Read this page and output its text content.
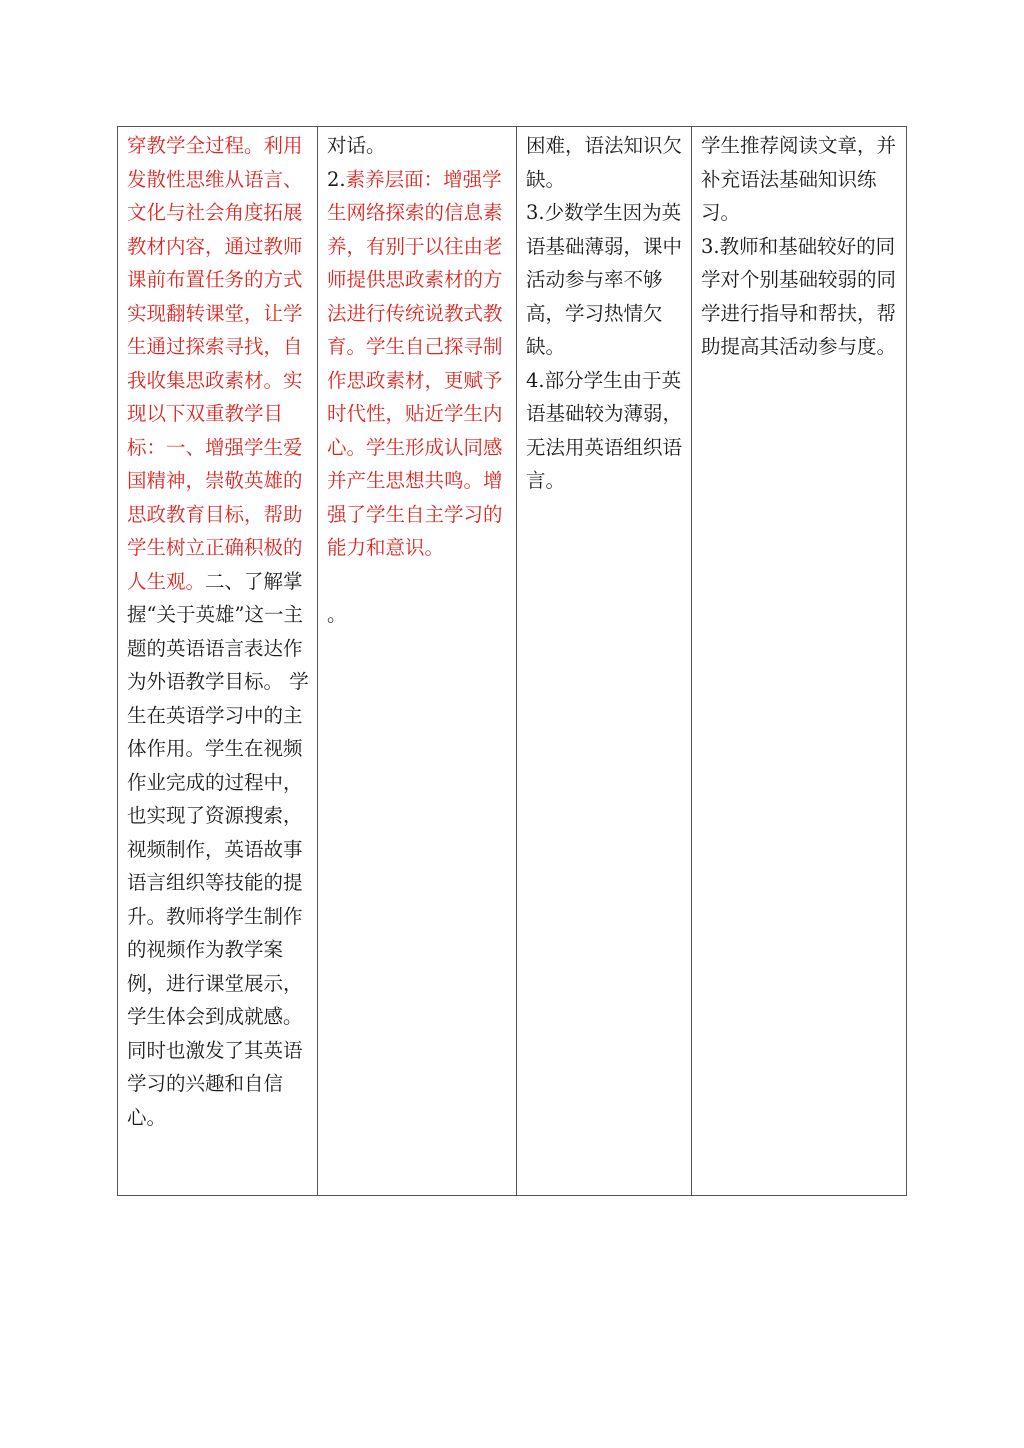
穿教学全过程。利用发散性思维从语言、文化与社会角度拓展教材内容，通过教师课前布置任务的方式实现翻转课堂，让学生通过探索寻找，自我收集思政素材。实现以下双重教学目标：一、增强学生爱国精神，崇敬英雄的思政教育目标，帮助学生树立正确积极的人生观。二、了解掌握“关于英雄”这一主题的英语语言表达作为外语教学目标。 学生在英语学习中的主体作用。学生在视频作业完成的过程中，也实现了资源搜索，视频制作，英语故事语言组织等技能的提升。教师将学生制作的视频作为教学案例，进行课堂展示，学生体会到成就感。同时也激发了其英语学习的兴趣和自信心。	
对话。
2.素养层面：增强学生网络探索的信息素养，有别于以往由老师提供思政素材的方法进行传统说教式教育。学生自己探寻制作思政素材，更赋予时代性，贴近学生内心。学生形成认同感并产生思想共鸣。增强了学生自主学习的能力和意识。
。

困难，语法知识欠缺。
3.少数学生因为英语基础薄弱，课中活动参与率不够高，学习热情欠缺。
4.部分学生由于英语基础较为薄弱，无法用英语组织语言。

学生推荐阅读文章，并补充语法基础知识练习。
3.教师和基础较好的同学对个别基础较弱的同学进行指导和帮扶，帮助提高其活动参与度。
